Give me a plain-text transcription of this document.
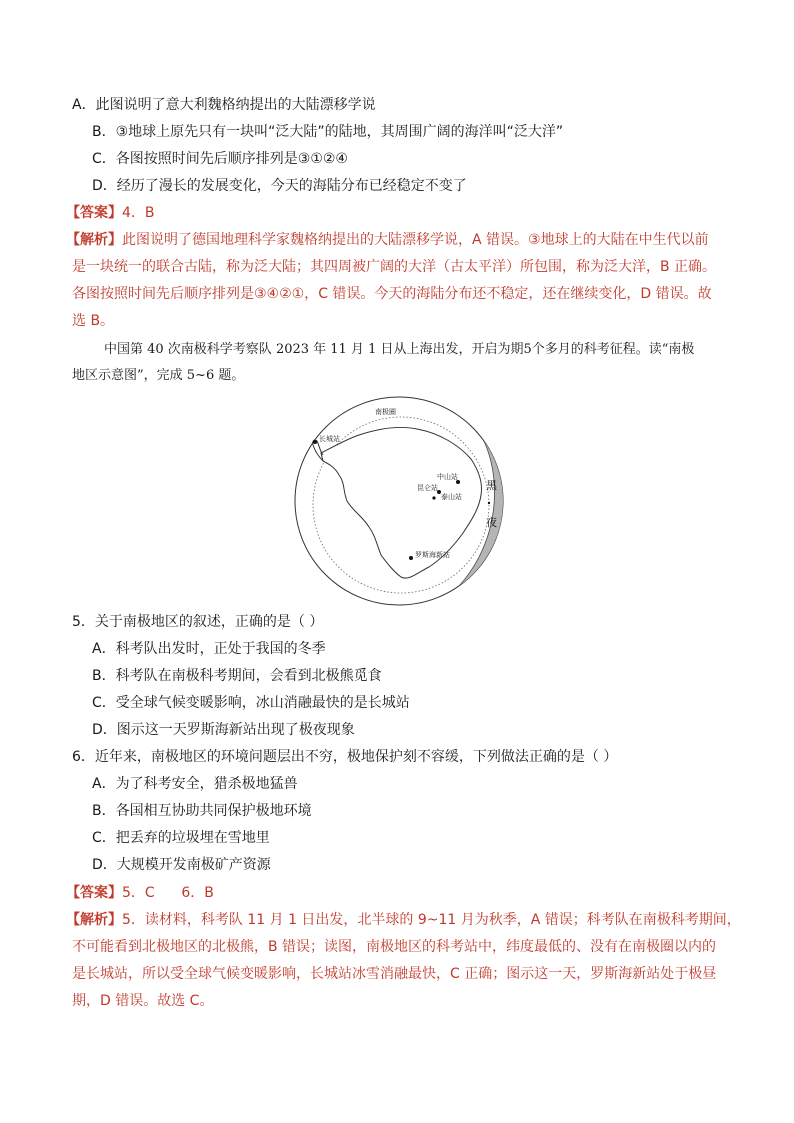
A．此图说明了意大利魏格纳提出的大陆漂移学说
B．③地球上原先只有一块叫“泛大陆”的陆地，其周围广阔的海洋叫“泛大洋”
C．各图按照时间先后顺序排列是③①②④
D．经历了漫长的发展变化，今天的海陆分布已经稳定不变了
【答案】4．B
【解析】此图说明了德国地理科学家魏格纳提出的大陆漂移学说，A 错误。③地球上的大陆在中生代以前
是一块统一的联合古陆，称为泛大陆；其四周被广阔的大洋（古太平洋）所包围，称为泛大洋，B 正确。
各图按照时间先后顺序排列是③④②①，C 错误。今天的海陆分布还不稳定，还在继续变化，D 错误。故
选 B。
中国第 40 次南极科学考察队 2023 年 11 月 1 日从上海出发，开启为期5个多月的科考征程。读“南极
地区示意图”，完成 5~6 题。
南极圈
长城站
中山站
昆仑站
泰山站
罗斯海新站
黑
夜
5．关于南极地区的叙述，正确的是（ ）
A．科考队出发时，正处于我国的冬季
B．科考队在南极科考期间，会看到北极熊觅食
C．受全球气候变暖影响，冰山消融最快的是长城站
D．图示这一天罗斯海新站出现了极夜现象
6．近年来，南极地区的环境问题层出不穷，极地保护刻不容缓，下列做法正确的是（ ）
A．为了科考安全，猎杀极地猛兽
B．各国相互协助共同保护极地环境
C．把丢弃的垃圾埋在雪地里
D．大规模开发南极矿产资源
【答案】5．C      6．B
【解析】5．读材料，科考队 11 月 1 日出发，北半球的 9~11 月为秋季，A 错误；科考队在南极科考期间，
不可能看到北极地区的北极熊，B 错误；读图，南极地区的科考站中，纬度最低的、没有在南极圈以内的
是长城站，所以受全球气候变暖影响，长城站冰雪消融最快，C 正确；图示这一天，罗斯海新站处于极昼
期，D 错误。故选 C。
